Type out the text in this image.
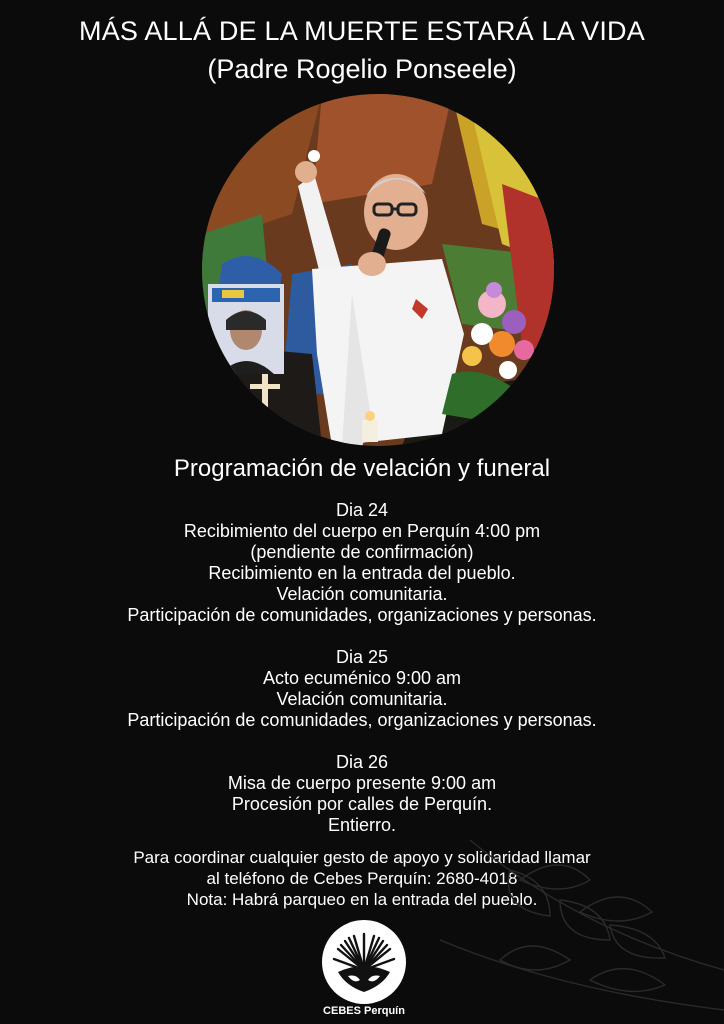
MÁS ALLÁ DE LA MUERTE ESTARÁ LA VIDA
(Padre Rogelio Ponseele)
Programación de velación y funeral

Dia 24

Recibimiento del cuerpo en Perquín 4:00 pm

(pendiente de confirmación)

Recibimiento en la entrada del pueblo.

Velación comunitaria.

Participación de comunidades, organizaciones y personas.

Dia 25

Acto ecuménico 9:00 am

Velación comunitaria.

Participación de comunidades, organizaciones y personas.

Dia 26

Misa de cuerpo presente 9:00 am

Procesión por calles de Perquín.

Entierro.

Para coordinar cualquier gesto de apoyo y solidaridad llamar

al teléfono de Cebes Perquín: 2680-4018

Nota: Habrá parqueo en la entrada del pueblo.

CEBES Perquín
